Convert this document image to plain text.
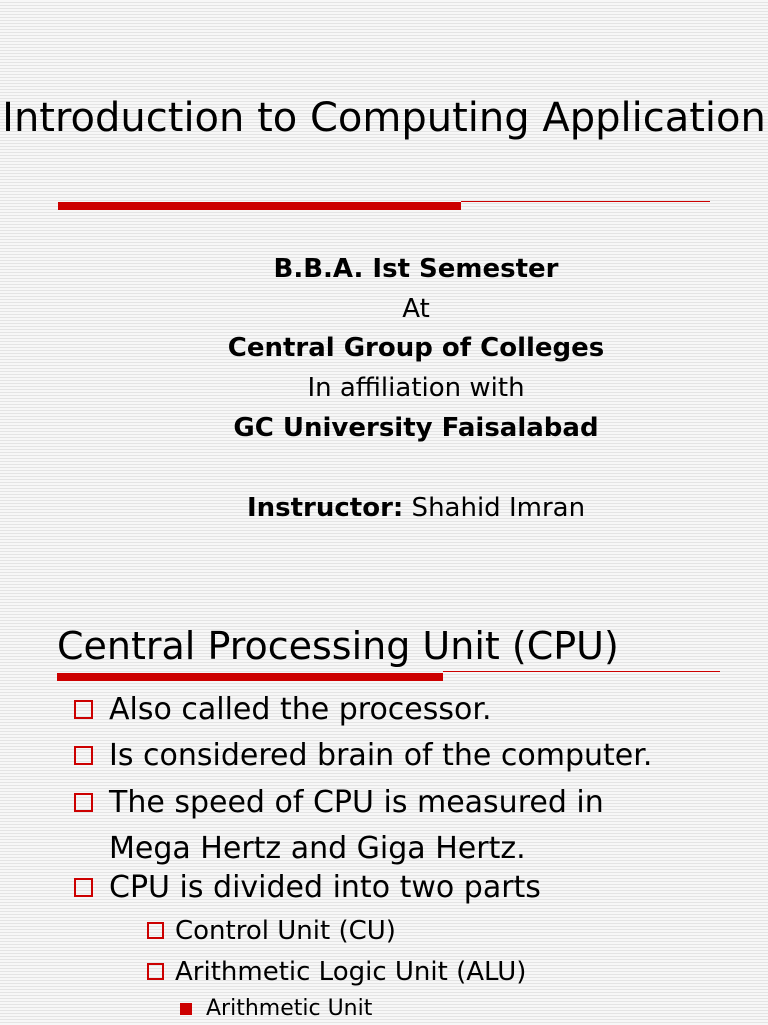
Introduction to Computing Application

B.B.A. Ist Semester

At

Central Group of Colleges

In affiliation with

GC University Faisalabad

Instructor: Shahid Imran

Central Processing Unit (CPU)
Also called the processor.
Is considered brain of the computer.
The speed of CPU is measured in Mega Hertz and Giga Hertz.
CPU is divided into two parts
Control Unit (CU)
Arithmetic Logic Unit (ALU)
Arithmetic Unit
